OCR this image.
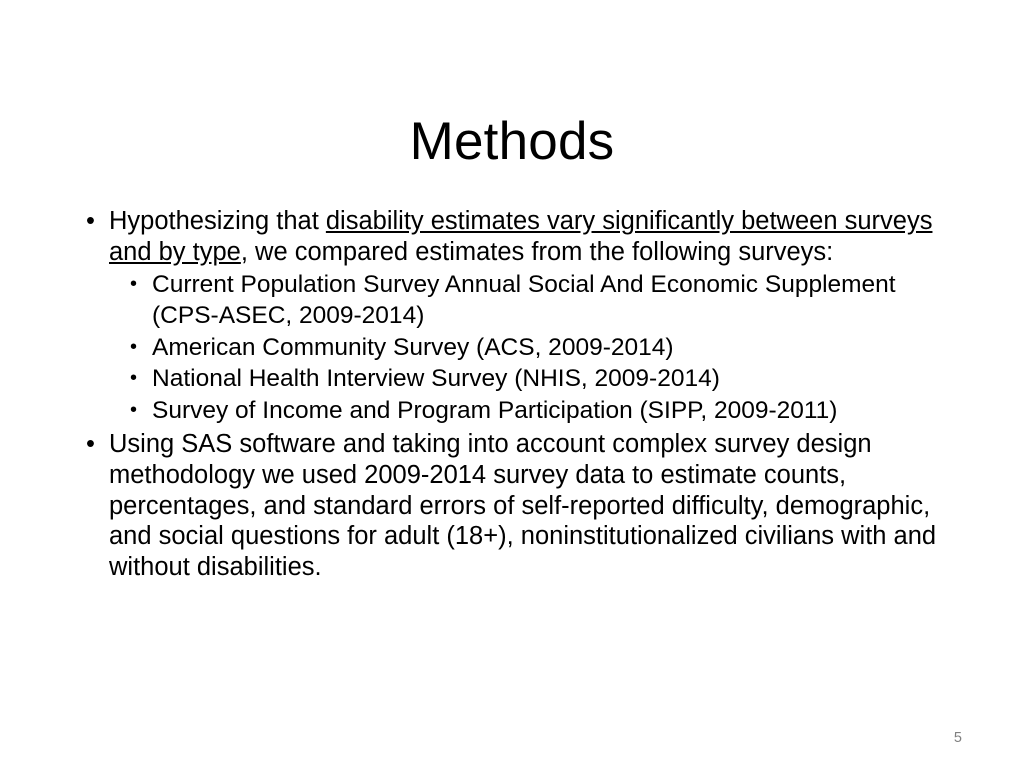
Methods
• Hypothesizing that disability estimates vary significantly between surveys and by type, we compared estimates from the following surveys:
• Current Population Survey Annual Social And Economic Supplement (CPS-ASEC, 2009-2014)
• American Community Survey (ACS, 2009-2014)
• National Health Interview Survey (NHIS, 2009-2014)
• Survey of Income and Program Participation (SIPP, 2009-2011)
• Using SAS software and taking into account complex survey design methodology we used 2009-2014 survey data to estimate counts, percentages, and standard errors of self-reported difficulty, demographic, and social questions for adult (18+), noninstitutionalized civilians with and without disabilities.
5
